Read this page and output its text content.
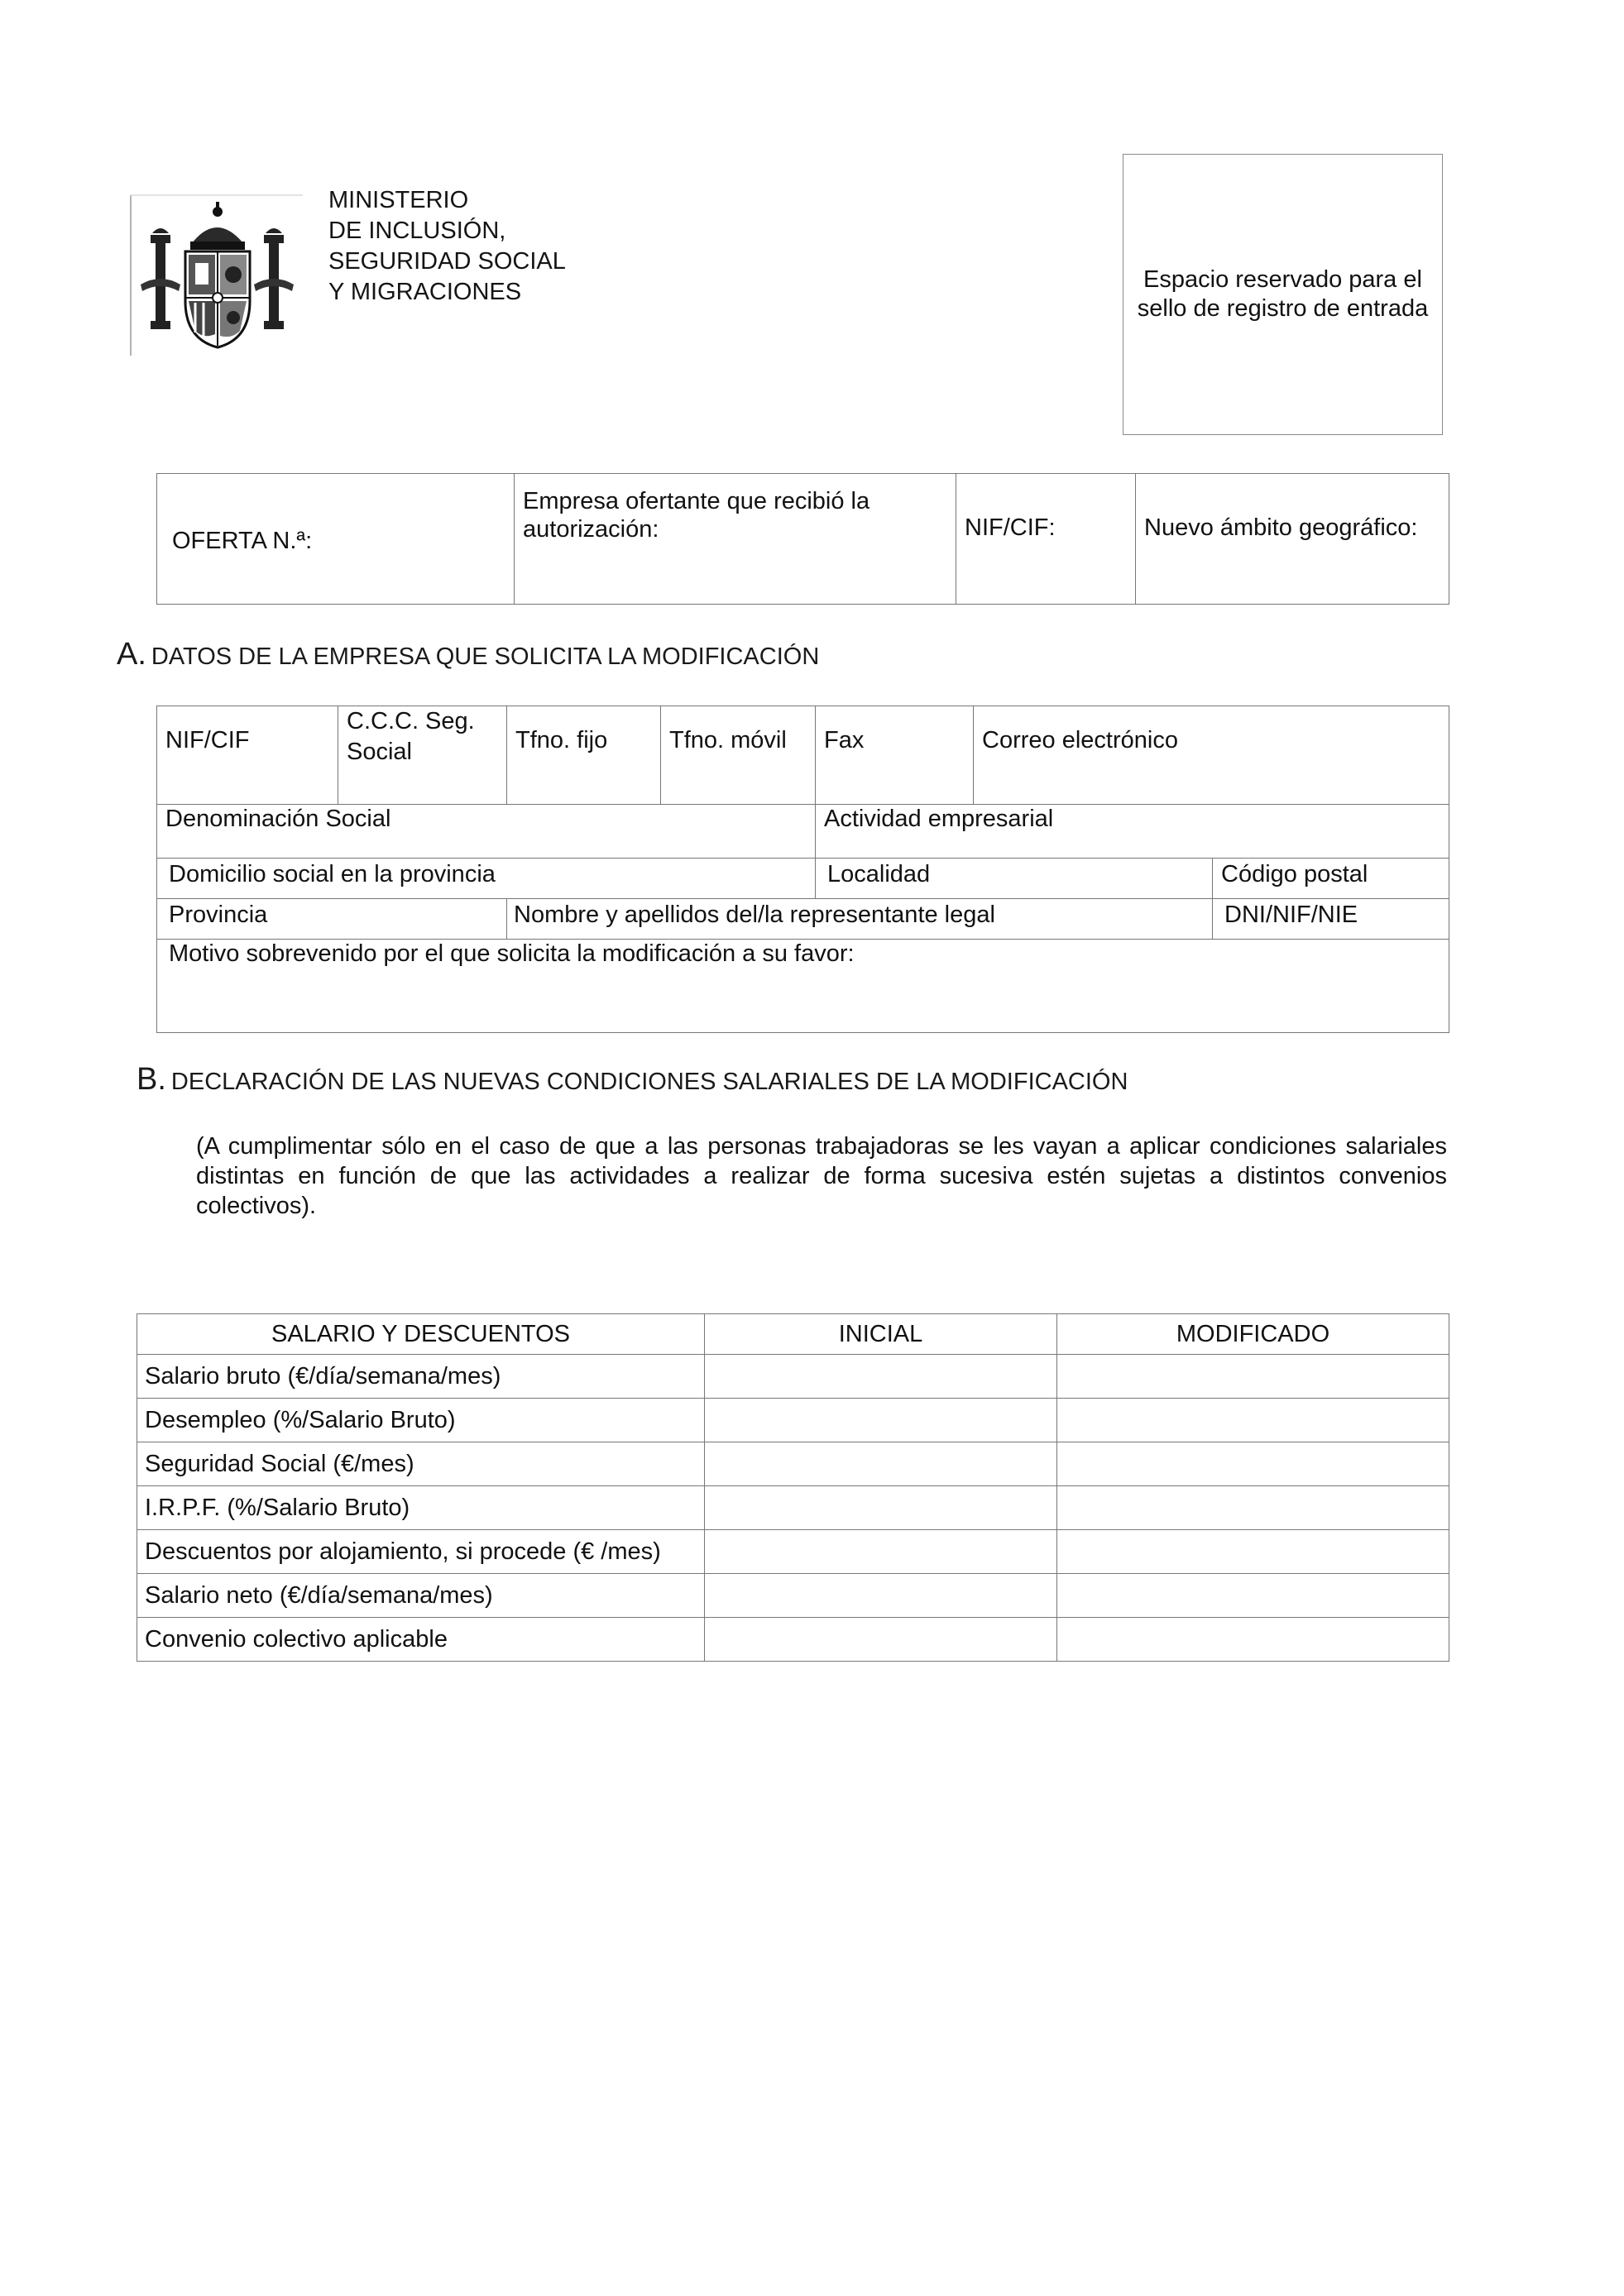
MINISTERIO
DE INCLUSIÓN,
SEGURIDAD SOCIAL
Y MIGRACIONES	Espacio reservado para el sello de registro de entrada
OFERTA N.ª:

Empresa ofertante que recibió la autorización:	NIF/CIF:	Nuevo ámbito geográfico:
A. DATOS DE LA EMPRESA QUE SOLICITA LA MODIFICACIÓN
NIF/CIF	C.C.C. Seg. Social	Tfno. fijo	Tfno. móvil	Fax	Correo electrónico	

Denominación Social				Actividad empresarial		

Domicilio social en la provincia				Localidad		Código postal

Provincia		Nombre y apellidos del/la representante legal				DNI/NIF/NIE

Motivo sobrevenido por el que solicita la modificación a su favor:						
B. DECLARACIÓN DE LAS NUEVAS CONDICIONES SALARIALES DE LA MODIFICACIÓN
(A cumplimentar sólo en el caso de que a las personas trabajadoras se les vayan a aplicar condiciones salariales distintas en función de que las actividades a realizar de forma sucesiva estén sujetas a distintos convenios colectivos).
SALARIO Y DESCUENTOS	INICIAL	MODIFICADO
Salario bruto (€/día/semana/mes)		
Desempleo (%/Salario Bruto)		
Seguridad Social (€/mes)		
I.R.P.F. (%/Salario Bruto)		
Descuentos por alojamiento, si procede (€ /mes)		
Salario neto (€/día/semana/mes)		
Convenio colectivo aplicable		
